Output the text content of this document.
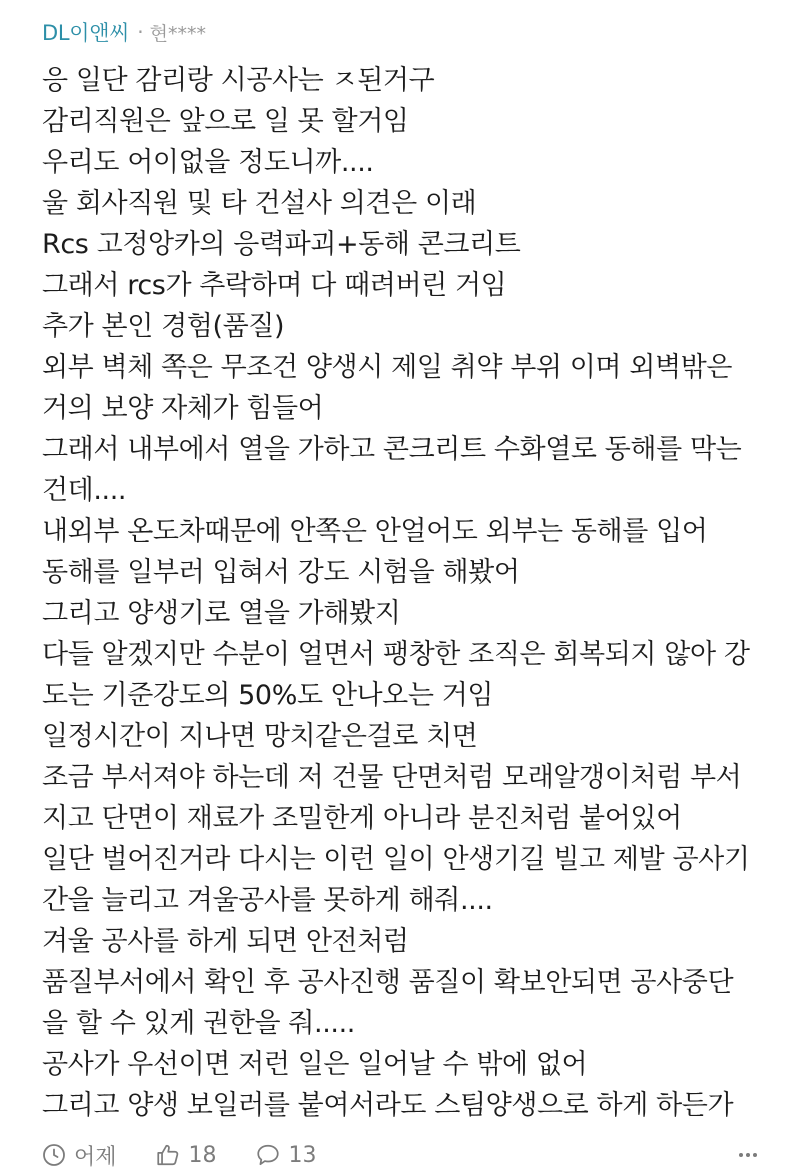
DL이앤씨 · 현****
응 일단 감리랑 시공사는 ㅈ된거구
감리직원은 앞으로 일 못 할거임
우리도 어이없을 정도니까....
울 회사직원 및 타 건설사 의견은 이래
Rcs 고정앙카의 응력파괴+동해 콘크리트
그래서 rcs가 추락하며 다 때려버린 거임
추가 본인 경험(품질)
외부 벽체 쪽은 무조건 양생시 제일 취약 부위 이며 외벽밖은
거의 보양 자체가 힘들어
그래서 내부에서 열을 가하고 콘크리트 수화열로 동해를 막는
건데....
내외부 온도차때문에 안쪽은 안얼어도 외부는 동해를 입어
동해를 일부러 입혀서 강도 시험을 해봤어
그리고 양생기로 열을 가해봤지
다들 알겠지만 수분이 얼면서 팽창한 조직은 회복되지 않아 강
도는 기준강도의 50%도 안나오는 거임
일정시간이 지나면 망치같은걸로 치면
조금 부서져야 하는데 저 건물 단면처럼 모래알갱이처럼 부서
지고 단면이 재료가 조밀한게 아니라 분진처럼 붙어있어
일단 벌어진거라 다시는 이런 일이 안생기길 빌고 제발 공사기
간을 늘리고 겨울공사를 못하게 해줘....
겨울 공사를 하게 되면 안전처럼
품질부서에서 확인 후 공사진행 품질이 확보안되면 공사중단
을 할 수 있게 권한을 줘.....
공사가 우선이면 저런 일은 일어날 수 밖에 없어
그리고 양생 보일러를 붙여서라도 스팀양생으로 하게 하든가
어제	18	13
